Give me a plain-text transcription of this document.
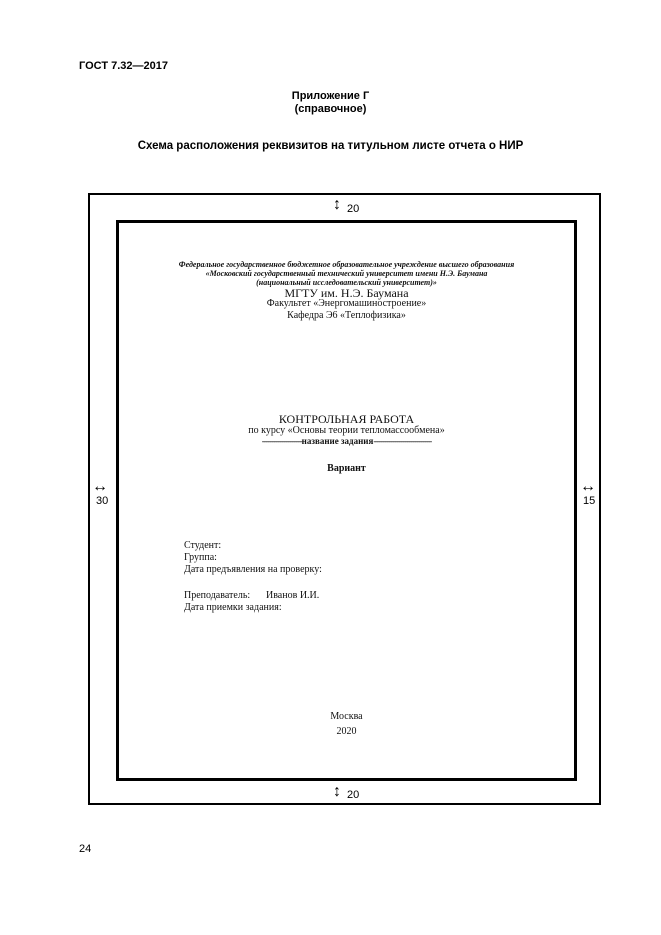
ГОСТ 7.32—2017
Приложение Г
(справочное)
Схема расположения реквизитов на титульном листе отчета о НИР
↕ 20
↕ 20
↔
30
↔
15
Федеральное государственное бюджетное образовательное учреждение высшего образования
«Московский государственный технический университет имени Н.Э. Баумана
(национальный исследовательский университет)»
МГТУ им. Н.Э. Баумана
Факультет «Энергомашиностроение»
Кафедра Э6 «Теплофизика»
КОНТРОЛЬНАЯ РАБОТА
по курсу «Основы теории тепломассообмена»
--------------------название задания-----------------------------
Вариант
Студент:
Группа:
Дата предъявления на проверку:
Преподаватель: Иванов И.И.
Дата приемки задания:
Москва
2020
24
